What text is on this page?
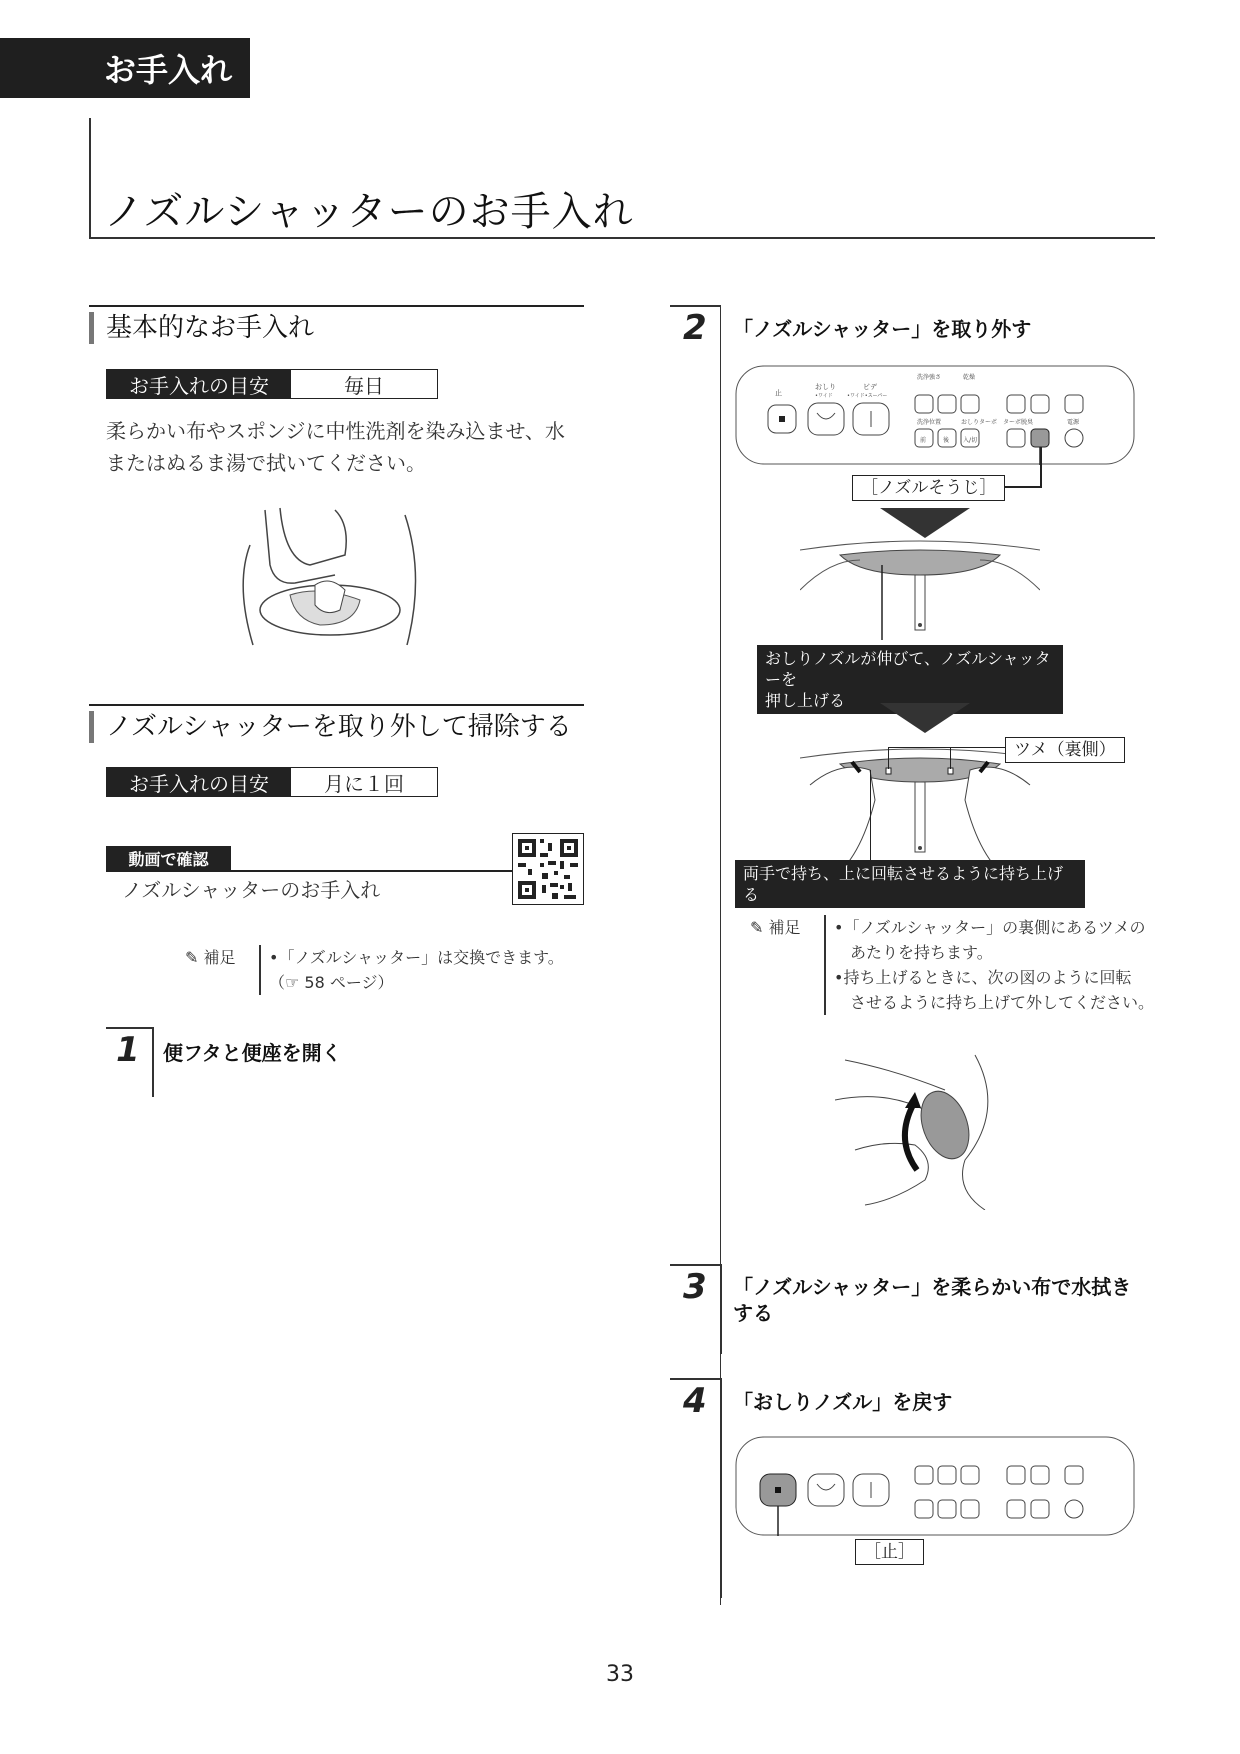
お手入れ
ノズルシャッターのお手入れ
基本的なお手入れ
お手入れの目安	毎日
柔らかい布やスポンジに中性洗剤を染み込ませ、水
またはぬるま湯で拭いてください。
ノズルシャッターを取り外して掃除する
お手入れの目安	月に１回
動画で確認
ノズルシャッターのお手入れ
✎ 補足	•「ノズルシャッター」は交換できます。
（☞ 58 ページ）
1 便フタと便座を開く
2 「ノズルシャッター」を取り外す
止
おしり
•ワイド
ビデ
•ワイド•スーパー
洗浄強さ	乾燥
洗浄位置	おしりターボ ターボ脱臭	電源
前	後 入/切
［ノズルそうじ］
おしりノズルが伸びて、ノズルシャッターを
押し上げる
ツメ（裏側）
両手で持ち、上に回転させるように持ち上げる
✎ 補足	•「ノズルシャッター」の裏側にあるツメの
　あたりを持ちます。
•持ち上げるときに、次の図のように回転
　させるように持ち上げて外してください。
3 「ノズルシャッター」を柔らかい布で水拭き
する
4 「おしりノズル」を戻す
［止］
33
